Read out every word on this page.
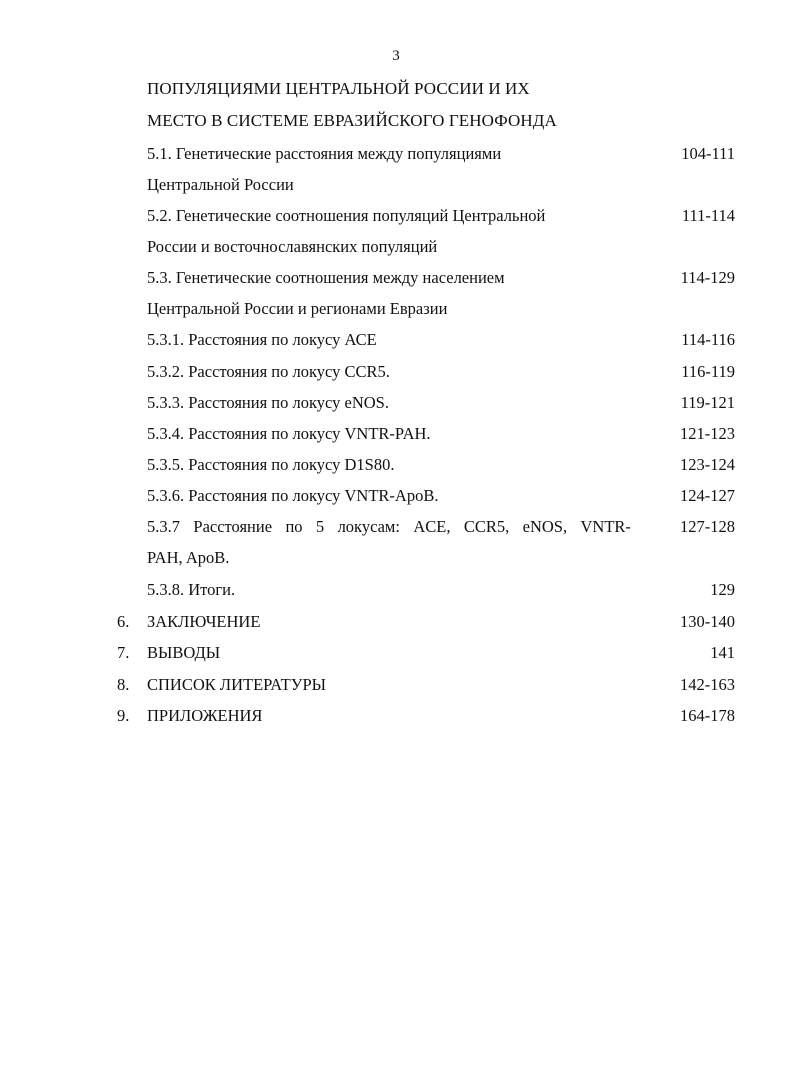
3
ПОПУЛЯЦИЯМИ ЦЕНТРАЛЬНОЙ РОССИИ И ИХ
МЕСТО В СИСТЕМЕ ЕВРАЗИЙСКОГО ГЕНОФОНДА
5.1. Генетические расстояния между популяциями	104-111
Центральной России
5.2. Генетические соотношения популяций Центральной	111-114
России и восточнославянских популяций
5.3. Генетические соотношения между населением	114-129
Центральной России и регионами Евразии
5.3.1. Расстояния по локусу АСЕ	114-116
5.3.2. Расстояния по локусу CCR5.	116-119
5.3.3. Расстояния по локусу eNOS.	119-121
5.3.4. Расстояния по локусу VNTR-PAH.	121-123
5.3.5. Расстояния по локусу D1S80.	123-124
5.3.6. Расстояния по локусу VNTR-ApoB.	124-127
5.3.7 Расстояние по 5 локусам: ACE, CCR5, eNOS, VNTR-	127-128
PAH, ApoB.
5.3.8. Итоги.	129
6. ЗАКЛЮЧЕНИЕ	130-140
7. ВЫВОДЫ	141
8. СПИСОК ЛИТЕРАТУРЫ	142-163
9. ПРИЛОЖЕНИЯ	164-178
